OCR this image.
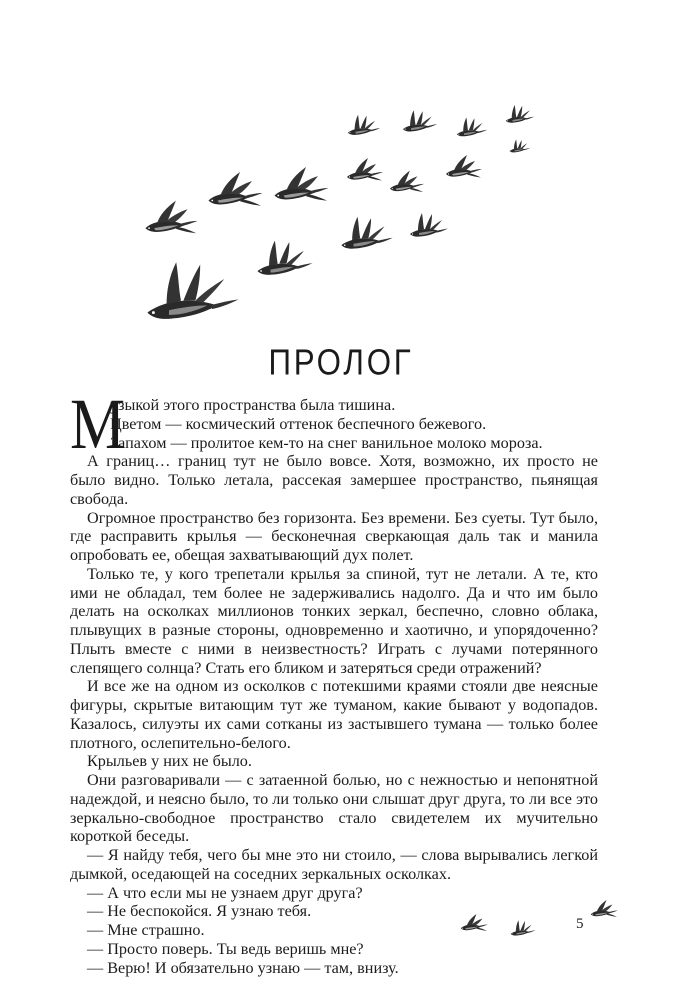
ПРОЛОГ
М

узыкой этого пространства была тишина.

Цветом — космический оттенок беспечного бежевого.

Запахом — пролитое кем-то на снег ванильное молоко мороза.

А границ… границ тут не было вовсе. Хотя, возможно, их просто не было видно. Только летала, рассекая замершее пространство, пьянящая свобода.

Огромное пространство без горизонта. Без времени. Без суеты. Тут было, где расправить крылья — бесконечная сверкающая даль так и манила опробовать ее, обещая захватывающий дух полет.

Только те, у кого трепетали крылья за спиной, тут не летали. А те, кто ими не обладал, тем более не задерживались надолго. Да и что им было делать на осколках миллионов тонких зеркал, беспечно, словно облака, плывущих в разные стороны, одновременно и хаотично, и упорядоченно? Плыть вместе с ними в неизвестность? Играть с лучами потерянного слепящего солнца? Стать его бликом и затеряться среди отражений?

И все же на одном из осколков с потекшими краями стояли две неясные фигуры, скрытые витающим тут же туманом, какие бывают у водопадов. Казалось, силуэты их сами сотканы из застывшего тумана — только более плотного, ослепительно-белого.

Крыльев у них не было.

Они разговаривали — с затаенной болью, но с нежностью и непонятной надеждой, и неясно было, то ли только они слышат друг друга, то ли все это зеркально-свободное пространство стало свидетелем их мучительно короткой беседы.

— Я найду тебя, чего бы мне это ни стоило, — слова вырывались легкой дымкой, оседающей на соседних зеркальных осколках.

— А что если мы не узнаем друг друга?

— Не беспокойся. Я узнаю тебя.

— Мне страшно.

— Просто поверь. Ты ведь веришь мне?

— Верю! И обязательно узнаю — там, внизу.

5
